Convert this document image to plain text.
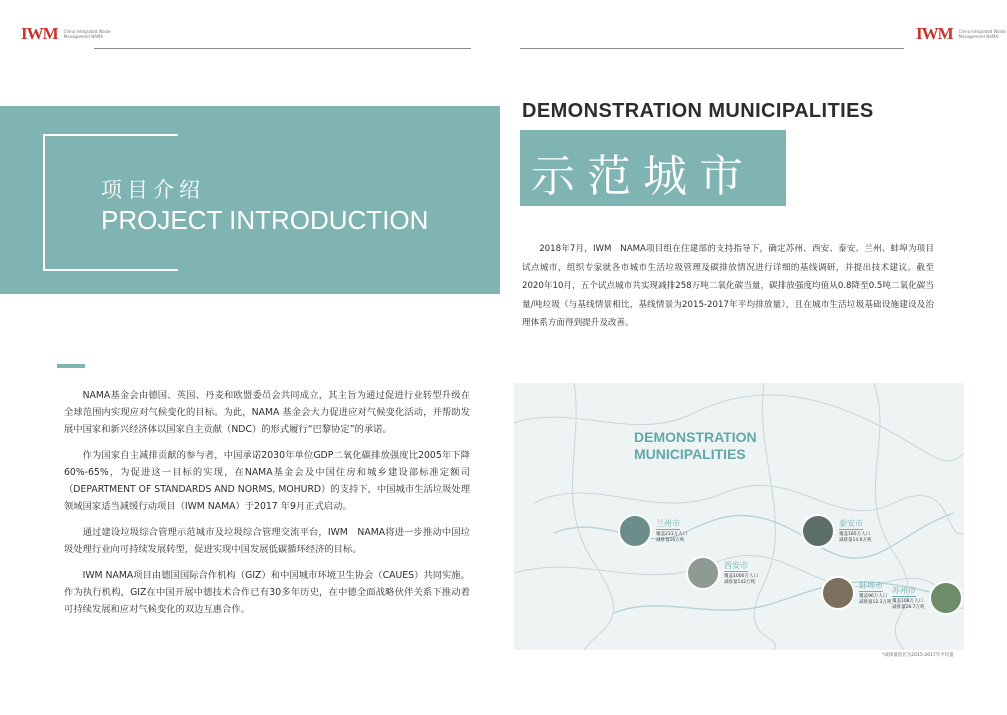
IWM China Integrated Waste Management NAMA	IWM China Integrated Waste Management NAMA
项目介绍
PROJECT INTRODUCTION

NAMA基金会由德国、英国、丹麦和欧盟委员会共同成立，其主旨为通过促进行业转型升级在全球范围内实现应对气候变化的目标。为此，NAMA 基金会大力促进应对气候变化活动，并帮助发展中国家和新兴经济体以国家自主贡献（NDC）的形式履行“巴黎协定”的承诺。

作为国家自主减排贡献的参与者，中国承诺2030年单位GDP二氧化碳排放强度比2005年下降60%-65%，为促进这一目标的实现，在NAMA基金会及中国住房和城乡建设部标准定额司（DEPARTMENT OF STANDARDS AND NORMS, MOHURD）的支持下，中国城市生活垃圾处理领域国家适当减缓行动项目（IWM NAMA）于2017 年9月正式启动。

通过建设垃圾综合管理示范城市及垃圾综合管理交流平台，IWM　NAMA将进一步推动中国垃圾处理行业向可持续发展转型，促进实现中国发展低碳循环经济的目标。

IWM NAMA项目由德国国际合作机构（GIZ）和中国城市环境卫生协会（CAUES）共同实施。作为执行机构，GIZ在中国开展中德技术合作已有30多年历史，在中德全面战略伙伴关系下推动着可持续发展和应对气候变化的双边互惠合作。

DEMONSTRATION MUNICIPALITIES
示范城市

2018年7月，IWM　NAMA项目组在住建部的支持指导下，确定苏州、西安、泰安、兰州、蚌埠为项目试点城市，组织专家就各市城市生活垃圾管理及碳排放情况进行详细的基线调研，并提出技术建议。截至2020年10月，五个试点城市共实现减排258万吨二氧化碳当量，碳排放强度均值从0.8降至0.5吨二氧化碳当量/吨垃圾（与基线情景相比，基线情景为2015-2017年平均排放量），且在城市生活垃圾基础设施建设及治理体系方面得到提升及改善。

DEMONSTRATION
MUNICIPALITIES
兰州市
覆盖231万人口
减排量26万吨
西安市
覆盖1000万人口
减排量142万吨
泰安市
覆盖185万人口
减排量14.6万吨
蚌埠市
覆盖96万人口
减排量12.3万吨
苏州市
覆盖108万人口
减排量28.7万吨
*减排量依托为2015-2017年平均值
